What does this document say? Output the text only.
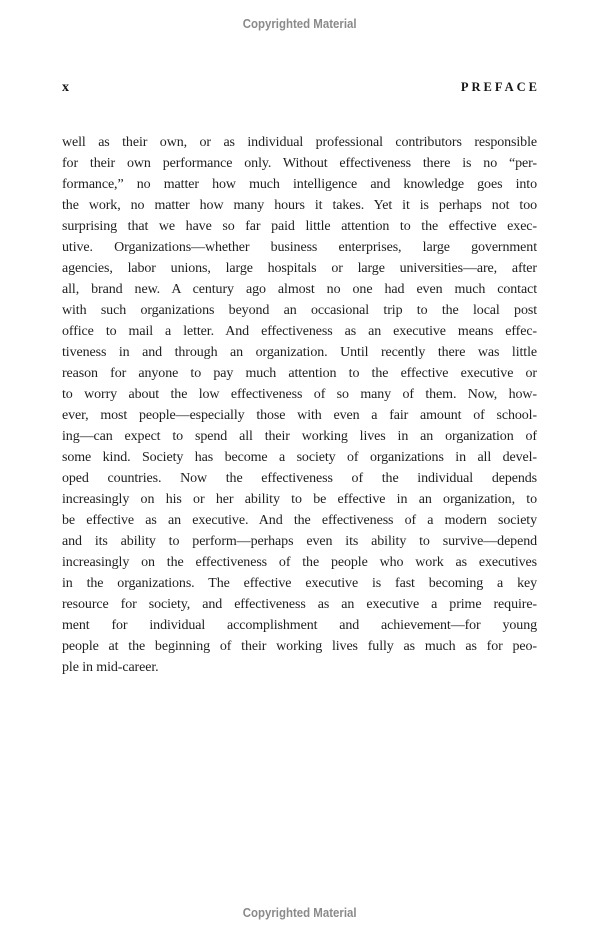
Copyrighted Material
x	PREFACE
well as their own, or as individual professional contributors responsible
for their own performance only. Without effectiveness there is no “per-
formance,” no matter how much intelligence and knowledge goes into
the work, no matter how many hours it takes. Yet it is perhaps not too
surprising that we have so far paid little attention to the effective exec-
utive. Organizations—whether business enterprises, large government
agencies, labor unions, large hospitals or large universities—are, after
all, brand new. A century ago almost no one had even much contact
with such organizations beyond an occasional trip to the local post
office to mail a letter. And effectiveness as an executive means effec-
tiveness in and through an organization. Until recently there was little
reason for anyone to pay much attention to the effective executive or
to worry about the low effectiveness of so many of them. Now, how-
ever, most people—especially those with even a fair amount of school-
ing—can expect to spend all their working lives in an organization of
some kind. Society has become a society of organizations in all devel-
oped countries. Now the effectiveness of the individual depends
increasingly on his or her ability to be effective in an organization, to
be effective as an executive. And the effectiveness of a modern society
and its ability to perform—perhaps even its ability to survive—depend
increasingly on the effectiveness of the people who work as executives
in the organizations. The effective executive is fast becoming a key
resource for society, and effectiveness as an executive a prime require-
ment for individual accomplishment and achievement—for young
people at the beginning of their working lives fully as much as for peo-
ple in mid-career.
Copyrighted Material
